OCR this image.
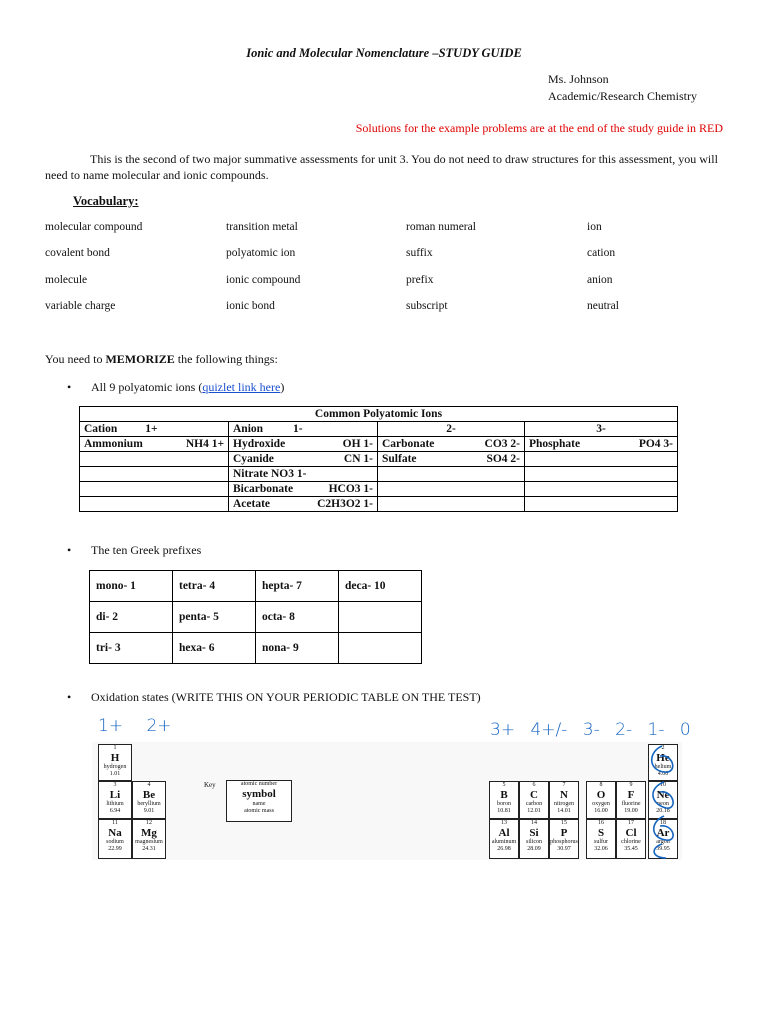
Ionic and Molecular Nomenclature –STUDY GUIDE
Ms. Johnson
Academic/Research Chemistry
Solutions for the example problems are at the end of the study guide in RED
This is the second of two major summative assessments for unit 3. You do not need to draw structures for this assessment, you will need to name molecular and ionic compounds.
Vocabulary:
molecular compound	transition metal	roman numeral	ion
covalent bond	polyatomic ion	suffix	cation
molecule	ionic compound	prefix	anion
variable charge	ionic bond	subscript	neutral
You need to MEMORIZE the following things:
• All 9 polyatomic ions (quizlet link here)
Common Polyatomic Ions			
Cation 1+	Anion 1-	2-	3-
Ammonium NH4 1+	Hydroxide OH 1-	Carbonate CO3 2-	Phosphate PO4 3-

	Cyanide CN 1-	Sulfate SO4 2-	

	Nitrate NO3 1-		
	Bicarbonate HCO3 1-		

	Acetate C2H3O2 1-		

• The ten Greek prefixes
mono- 1	tetra- 4	hepta- 7	deca- 10
di- 2	penta- 5	octa- 8	
tri- 3	hexa- 6	nona- 9	
• Oxidation states (WRITE THIS ON YOUR PERIODIC TABLE ON THE TEST)
1+ 2+	3+ 4+/- 3- 2- 1- 0
Key	atomic number
symbol
name
atomic mass
1
H
hydrogen
1.01
3
Li
lithium
6.94
4
Be
beryllium
9.01
11
Na
sodium
22.99
12
Mg
magnesium
24.31
5
B
boron
10.81
6
C
carbon
12.01
7
N
nitrogen
14.01
8
O
oxygen
16.00
9
F
fluorine
19.00
10
Ne
neon
20.18
13
Al
aluminum
26.98
14
Si
silicon
28.09
15
P
phosphorus
30.97
16
S
sulfur
32.06
17
Cl
chlorine
35.45
18
Ar
argon
39.95
2
He
helium
4.00
